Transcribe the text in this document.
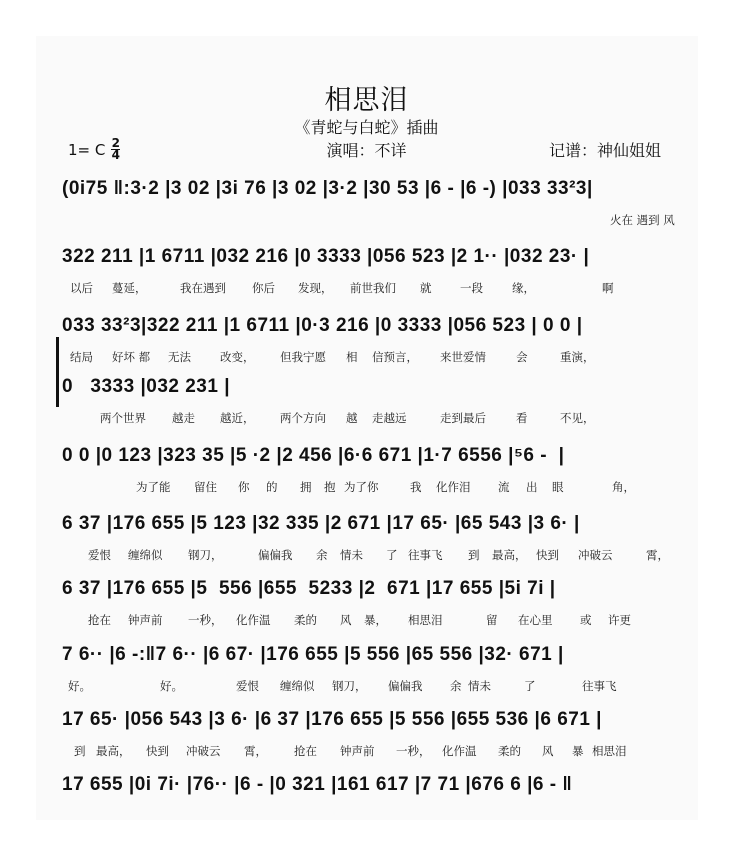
相思泪
《青蛇与白蛇》插曲
1= C 2
4	演唱：不详	记谱：神仙姐姐
(0i75 ‖:3·2 |3 02 |3i 76 |3 02 |3·2 |30 53 |6 - |6 -) |033 33²3|
火在 遇到 风
322 211 |1 6711 |032 216 |0 3333 |056 523 |2 1·· |032 23· |
以后 蔓延，	我在遇到 你后 发现， 前世我们 就 一段	缘，	啊
033 33²3|322 211 |1 6711 |0·3 216 |0 3333 |056 523 | 0 0 |
结局 好坏 都 无法	改变， 但我宁愿 相 信预言， 来世爱情	会	重演，
0   3333 |032 231 |
两个世界 越走 越近， 两个方向 越 走越远	走到最后	看	不见，
0 0 |0 123 |323 35 |5 ·2 |2 456 |6·6 671 |1·7 6556 |⁵6 -  |
为了能 留住 你 的 拥 抱 为了你	我 化作泪 流 出 眼	角，
6 37 |176 655 |5 123 |32 335 |2 671 |17 65· |65 543 |3 6· |
爱恨 缠绵似 钢刀，	偏偏我 余 情未 了 往事飞 到 最高， 快到 冲破云	霄，
6 37 |176 655 |5  556 |655  5233 |2  671 |17 655 |5i 7i |
抢在 钟声前 一秒， 化作温 柔的 风 暴， 相思泪	留 在心里 或 许更
7 6·· |6 -:‖7 6·· |6 67· |176 655 |5 556 |65 556 |32· 671 |
好。	好。	爱恨 缠绵似 钢刀， 偏偏我 余 情未	了	往事飞
17 65· |056 543 |3 6· |6 37 |176 655 |5 556 |655 536 |6 671 |
到 最高， 快到 冲破云 霄， 抢在 钟声前 一秒， 化作温 柔的 风 暴 相思泪
17 655 |0i 7i· |76·· |6 - |0 321 |161 617 |7 71 |676 6 |6 - ‖
